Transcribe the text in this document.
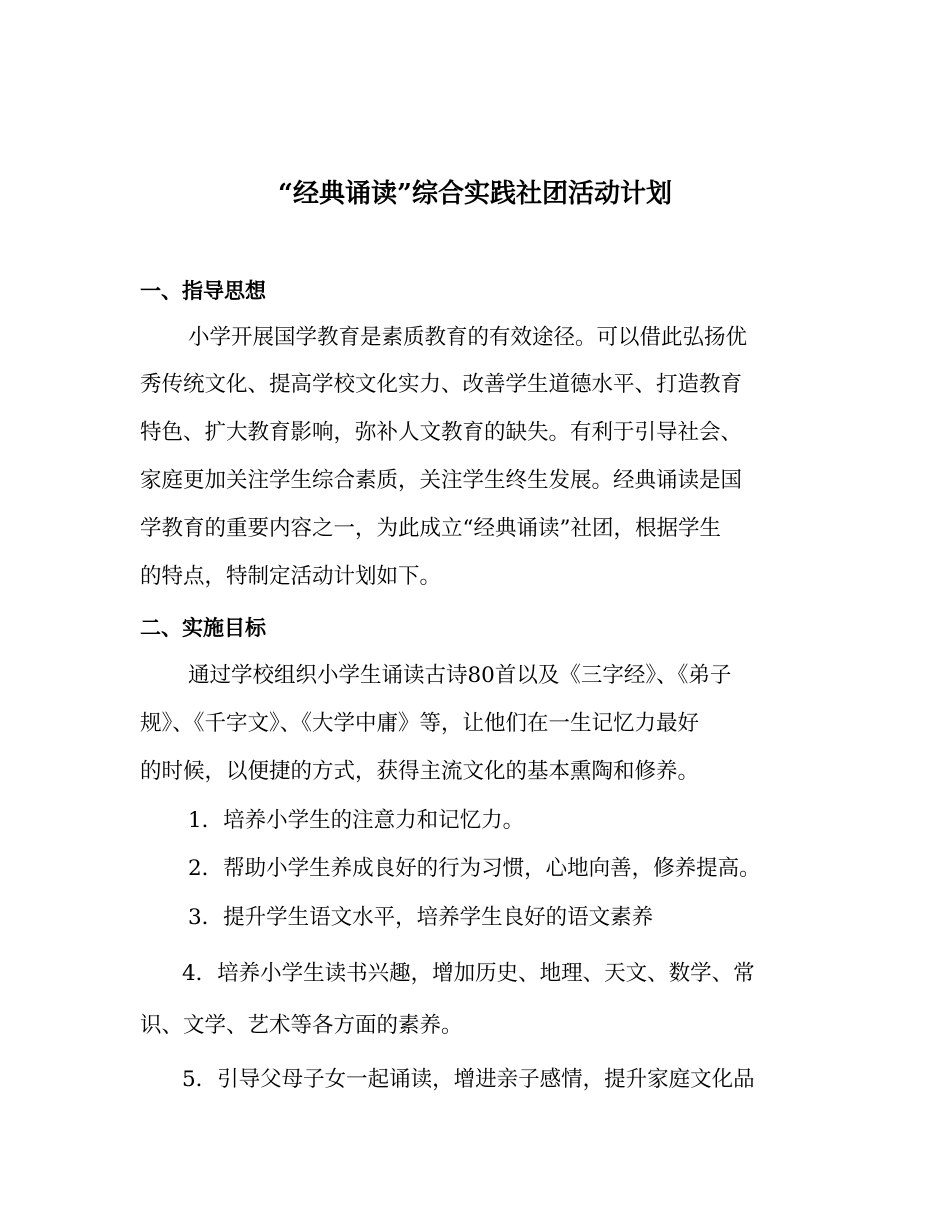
“经典诵读”综合实践社团活动计划
一、指导思想
小学开展国学教育是素质教育的有效途径。可以借此弘扬优
秀传统文化、提高学校文化实力、改善学生道德水平、打造教育
特色、扩大教育影响，弥补人文教育的缺失。有利于引导社会、
家庭更加关注学生综合素质，关注学生终生发展。经典诵读是国
学教育的重要内容之一，为此成立“经典诵读”社团，根据学生
的特点，特制定活动计划如下。
二、实施目标
通过学校组织小学生诵读古诗80首以及《三字经》、《弟子
规》、《千字文》、《大学中庸》等，让他们在一生记忆力最好
的时候，以便捷的方式，获得主流文化的基本熏陶和修养。
1．培养小学生的注意力和记忆力。
2．帮助小学生养成良好的行为习惯，心地向善，修养提高。
3．提升学生语文水平，培养学生良好的语文素养
4．培养小学生读书兴趣，增加历史、地理、天文、数学、常
识、文学、艺术等各方面的素养。
5．引导父母子女一起诵读，增进亲子感情，提升家庭文化品
